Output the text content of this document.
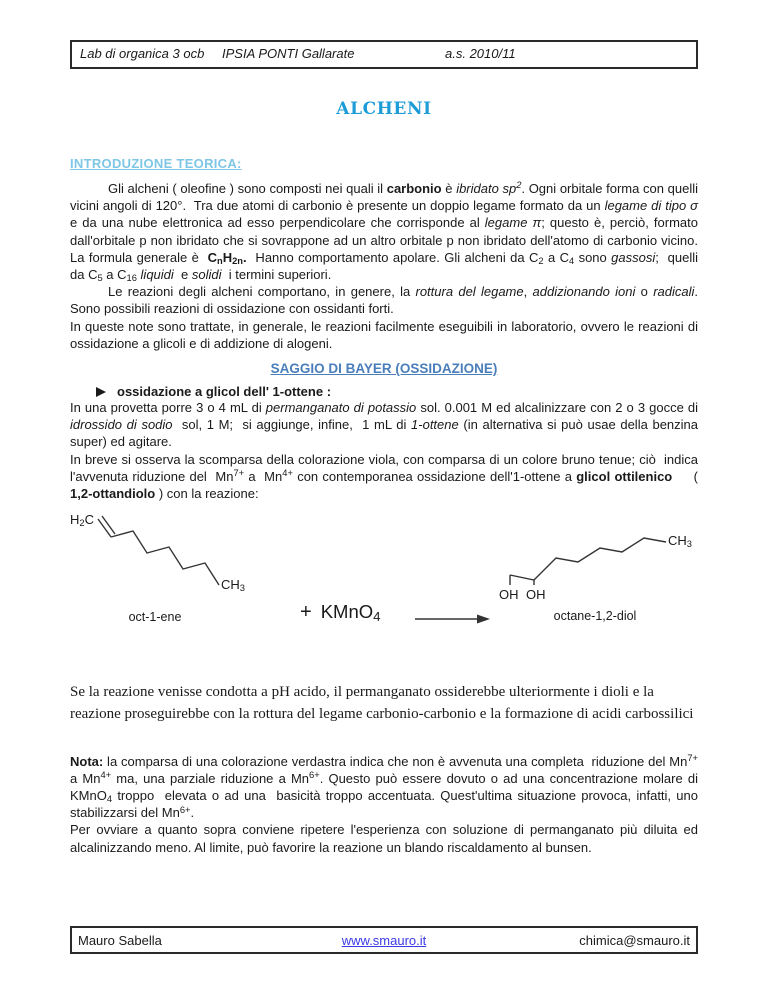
Lab di organica 3 ocb IPSIA PONTI Gallarate	a.s. 2010/11
ALCHENI
INTRODUZIONE TEORICA:

Gli alcheni ( oleofine ) sono composti nei quali il carbonio è ibridato $sp^2$. Ogni orbitale forma con quelli vicini angoli di 120°.  Tra due atomi di carbonio è presente un doppio legame formato da un legame di tipo σ e da una nube elettronica ad esso perpendicolare che corrisponde al legame π; questo è, perciò, formato dall'orbitale p non ibridato che si sovrappone ad un altro orbitale p non ibridato dell'atomo di carbonio vicino. La formula generale è  $C_nH_{2n}$.  Hanno comportamento apolare. Gli alcheni da $C_2$ a $C_4$ sono gassosi;  quelli da $C_5$ a $C_{16}$ liquidi  e solidi  i termini superiori.

Le reazioni degli alcheni comportano, in genere, la rottura del legame, addizionando ioni o radicali. Sono possibili reazioni di ossidazione con ossidanti forti.

In queste note sono trattate, in generale, le reazioni facilmente eseguibili in laboratorio, ovvero le reazioni di ossidazione a glicoli e di addizione di alogeni.

SAGGIO DI BAYER (OSSIDAZIONE)
ossidazione a glicol dell' 1-ottene :

In una provetta porre 3 o 4 mL di permanganato di potassio sol. 0.001 M ed alcalinizzare con 2 o 3 gocce di idrossido di sodio  sol, 1 M;  si aggiunge, infine,  1 mL di 1-ottene (in alternativa si può usae della benzina super) ed agitare.

In breve si osserva la scomparsa della colorazione viola, con comparsa di un colore bruno tenue; ciò  indica l'avvenuta riduzione del  $Mn^{7+}$ a  $Mn^{4+}$ con contemporanea ossidazione dell'1-ottene a glicol ottilenico     ( 1,2-ottandiolo ) con la reazione:

$H_2C$
$CH_3$
oct-1-ene	+ KMnO$_4$
OH OH
$CH_3$
octane-1,2-diol

Se la reazione venisse condotta a pH acido, il permanganato ossiderebbe ulteriormente i dioli e la reazione proseguirebbe con la rottura del legame carbonio-carbonio e la formazione di acidi carbossilici

Nota: la comparsa di una colorazione verdastra indica che non è avvenuta una completa  riduzione del $Mn^{7+}$ a $Mn^{4+}$ ma, una parziale riduzione a $Mn^{6+}$. Questo può essere dovuto o ad una concentrazione molare di KMnO$_4$ troppo  elevata o ad una  basicità troppo accentuata. Quest'ultima situazione provoca, infatti, uno stabilizzarsi del $Mn^{6+}$.

Per ovviare a quanto sopra conviene ripetere l'esperienza con soluzione di permanganato più diluita ed alcalinizzando meno. Al limite, può favorire la reazione un blando riscaldamento al bunsen.

Mauro Sabella	www.smauro.it	chimica@smauro.it
